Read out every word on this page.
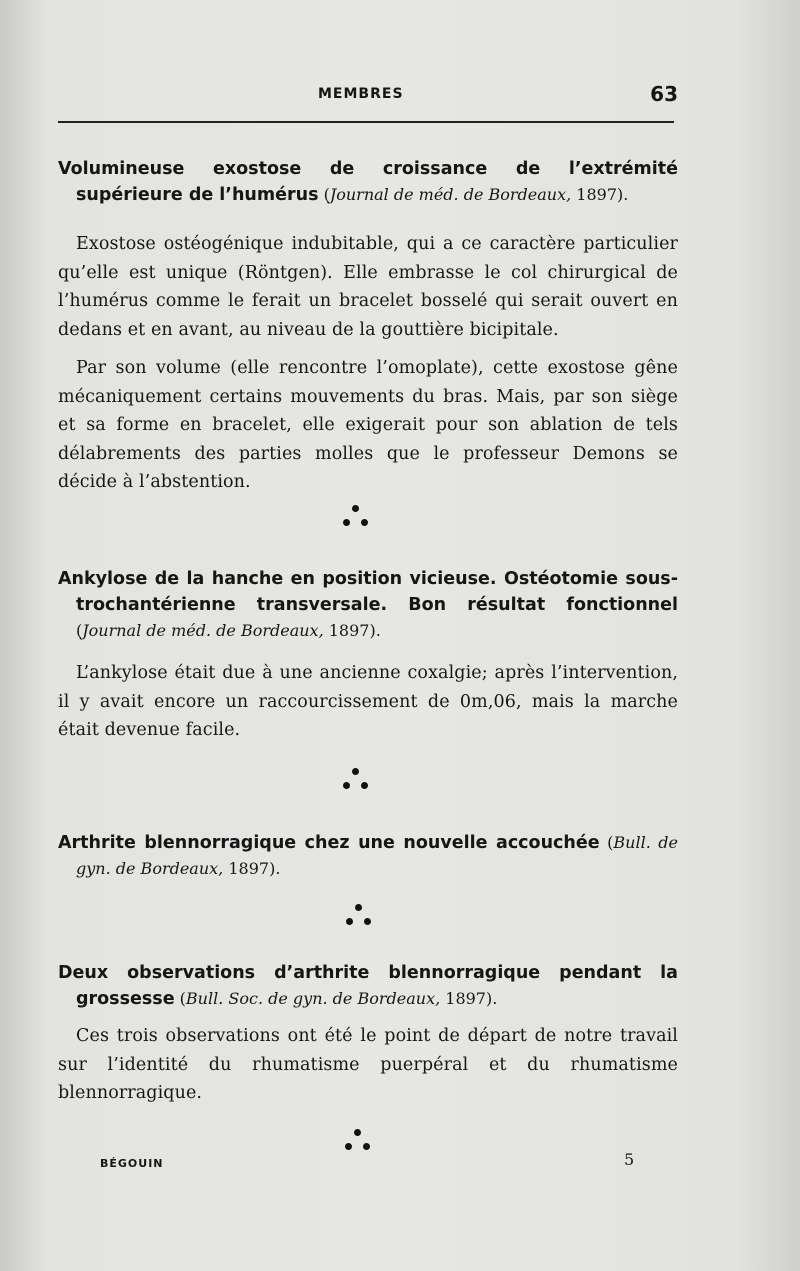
MEMBRES	63

Volumineuse exostose de croissance de l’extrémité supérieure de l’humérus (Journal de méd. de Bordeaux, 1897).

Exostose ostéogénique indubitable, qui a ce caractère particulier qu’elle est unique (Röntgen). Elle embrasse le col chirurgical de l’humérus comme le ferait un bracelet bosselé qui serait ouvert en dedans et en avant, au niveau de la gouttière bicipitale.

Par son volume (elle rencontre l’omoplate), cette exostose gêne mécaniquement certains mouvements du bras. Mais, par son siège et sa forme en bracelet, elle exigerait pour son ablation de tels délabrements des parties molles que le professeur Demons se décide à l’abstention.

Ankylose de la hanche en position vicieuse. Ostéotomie sous-trochantérienne transversale. Bon résultat fonctionnel (Journal de méd. de Bordeaux, 1897).

L’ankylose était due à une ancienne coxalgie; après l’intervention, il y avait encore un raccourcissement de 0m,06, mais la marche était devenue facile.

Arthrite blennorragique chez une nouvelle accouchée (Bull. de gyn. de Bordeaux, 1897).

Deux observations d’arthrite blennorragique pendant la grossesse (Bull. Soc. de gyn. de Bordeaux, 1897).

Ces trois observations ont été le point de départ de notre travail sur l’identité du rhumatisme puerpéral et du rhumatisme blennorragique.

BÉGOUIN	5
